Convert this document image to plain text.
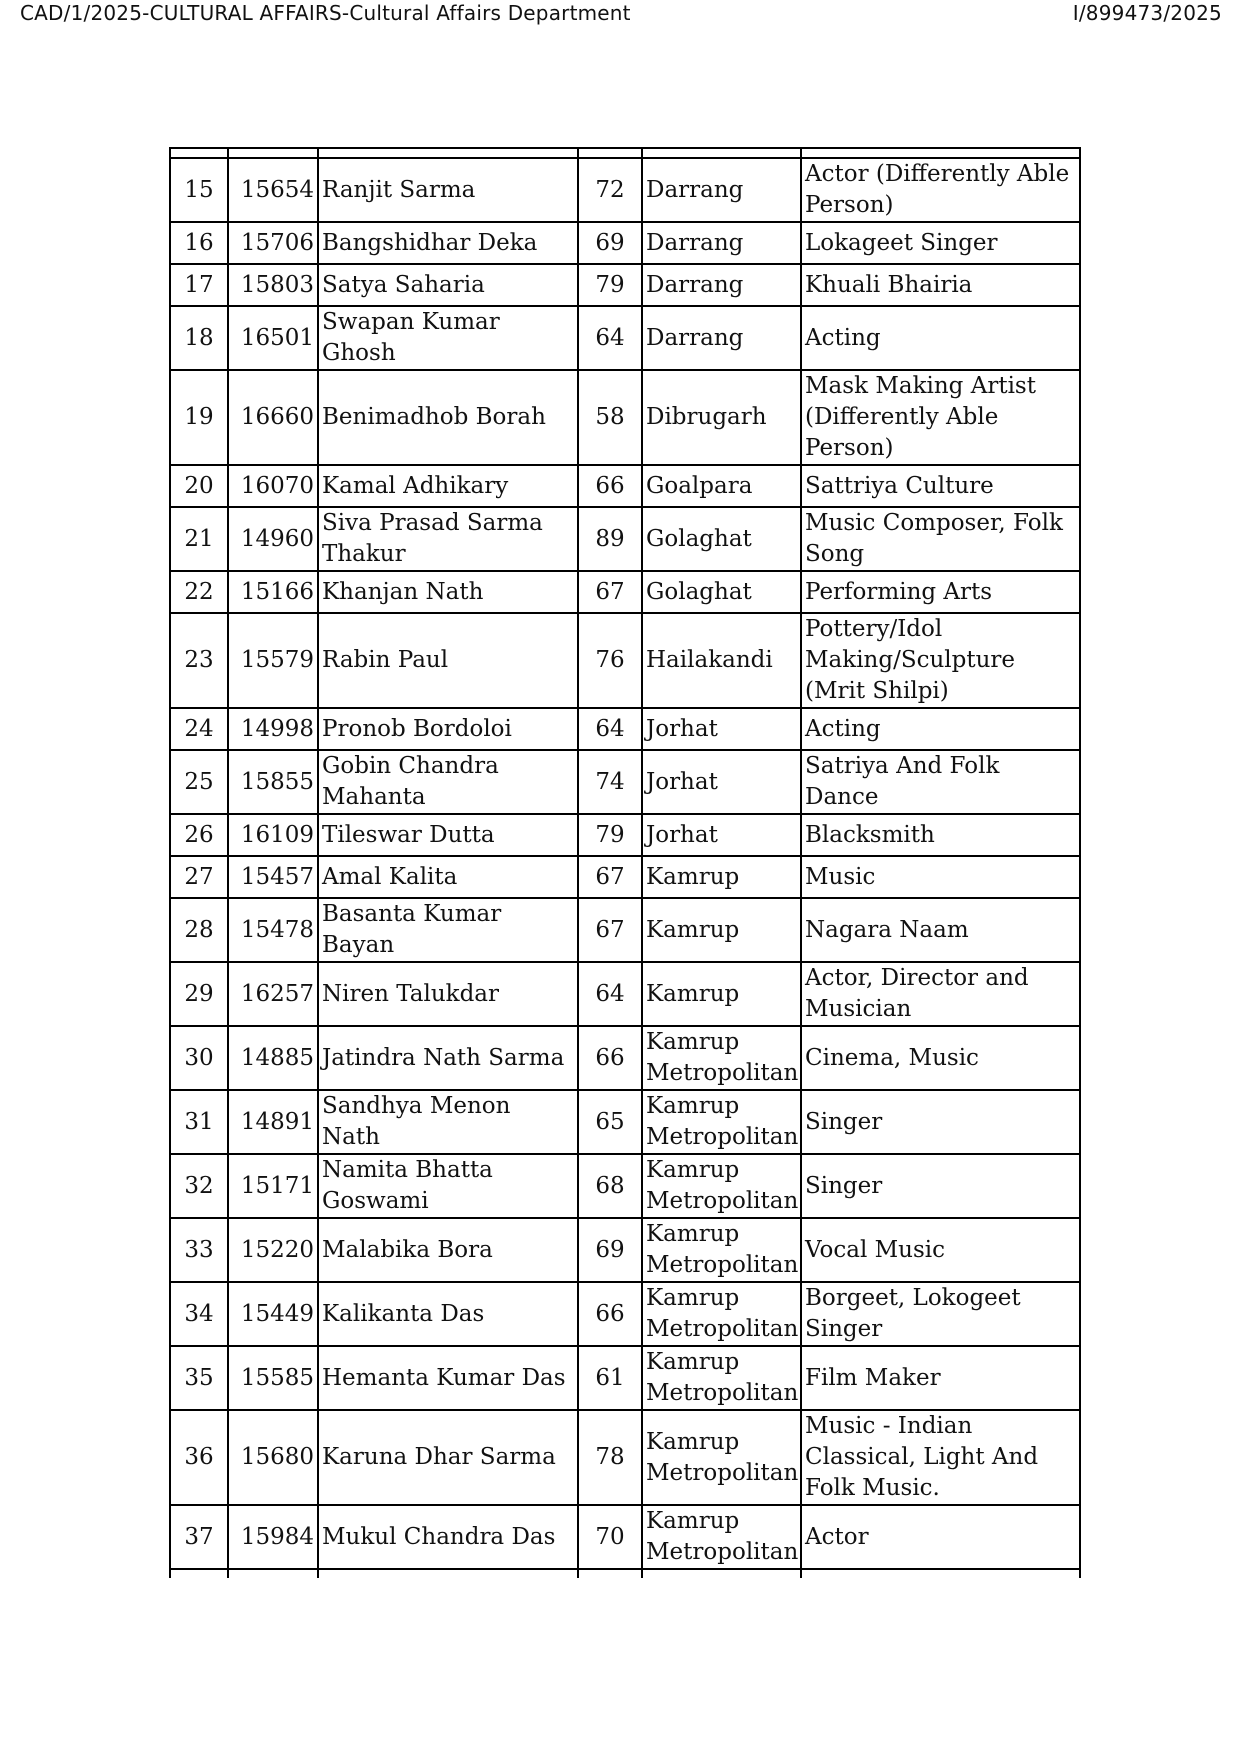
CAD/1/2025-CULTURAL AFFAIRS-Cultural Affairs Department	I/899473/2025

15	15654	Ranjit Sarma	72	Darrang	Actor (Differently Able Person)
16	15706	Bangshidhar Deka	69	Darrang	Lokageet Singer
17	15803	Satya Saharia	79	Darrang	Khuali Bhairia
18	16501	Swapan Kumar Ghosh	64	Darrang	Acting
19	16660	Benimadhob Borah	58	Dibrugarh	Mask Making Artist (Differently Able Person)
20	16070	Kamal Adhikary	66	Goalpara	Sattriya Culture
21	14960	Siva Prasad Sarma Thakur	89	Golaghat	Music Composer, Folk Song
22	15166	Khanjan Nath	67	Golaghat	Performing Arts
23	15579	Rabin Paul	76	Hailakandi	Pottery/Idol Making/Sculpture (Mrit Shilpi)
24	14998	Pronob Bordoloi	64	Jorhat	Acting
25	15855	Gobin Chandra Mahanta	74	Jorhat	Satriya And Folk Dance
26	16109	Tileswar Dutta	79	Jorhat	Blacksmith
27	15457	Amal Kalita	67	Kamrup	Music
28	15478	Basanta Kumar Bayan	67	Kamrup	Nagara Naam
29	16257	Niren Talukdar	64	Kamrup	Actor, Director and Musician
30	14885	Jatindra Nath Sarma	66	Kamrup Metropolitan	Cinema, Music
31	14891	Sandhya Menon Nath	65	Kamrup Metropolitan	Singer
32	15171	Namita Bhatta Goswami	68	Kamrup Metropolitan	Singer
33	15220	Malabika Bora	69	Kamrup Metropolitan	Vocal Music
34	15449	Kalikanta Das	66	Kamrup Metropolitan	Borgeet, Lokogeet Singer
35	15585	Hemanta Kumar Das	61	Kamrup Metropolitan	Film Maker
36	15680	Karuna Dhar Sarma	78	Kamrup Metropolitan	Music - Indian Classical, Light And Folk Music.
37	15984	Mukul Chandra Das	70	Kamrup Metropolitan	Actor
